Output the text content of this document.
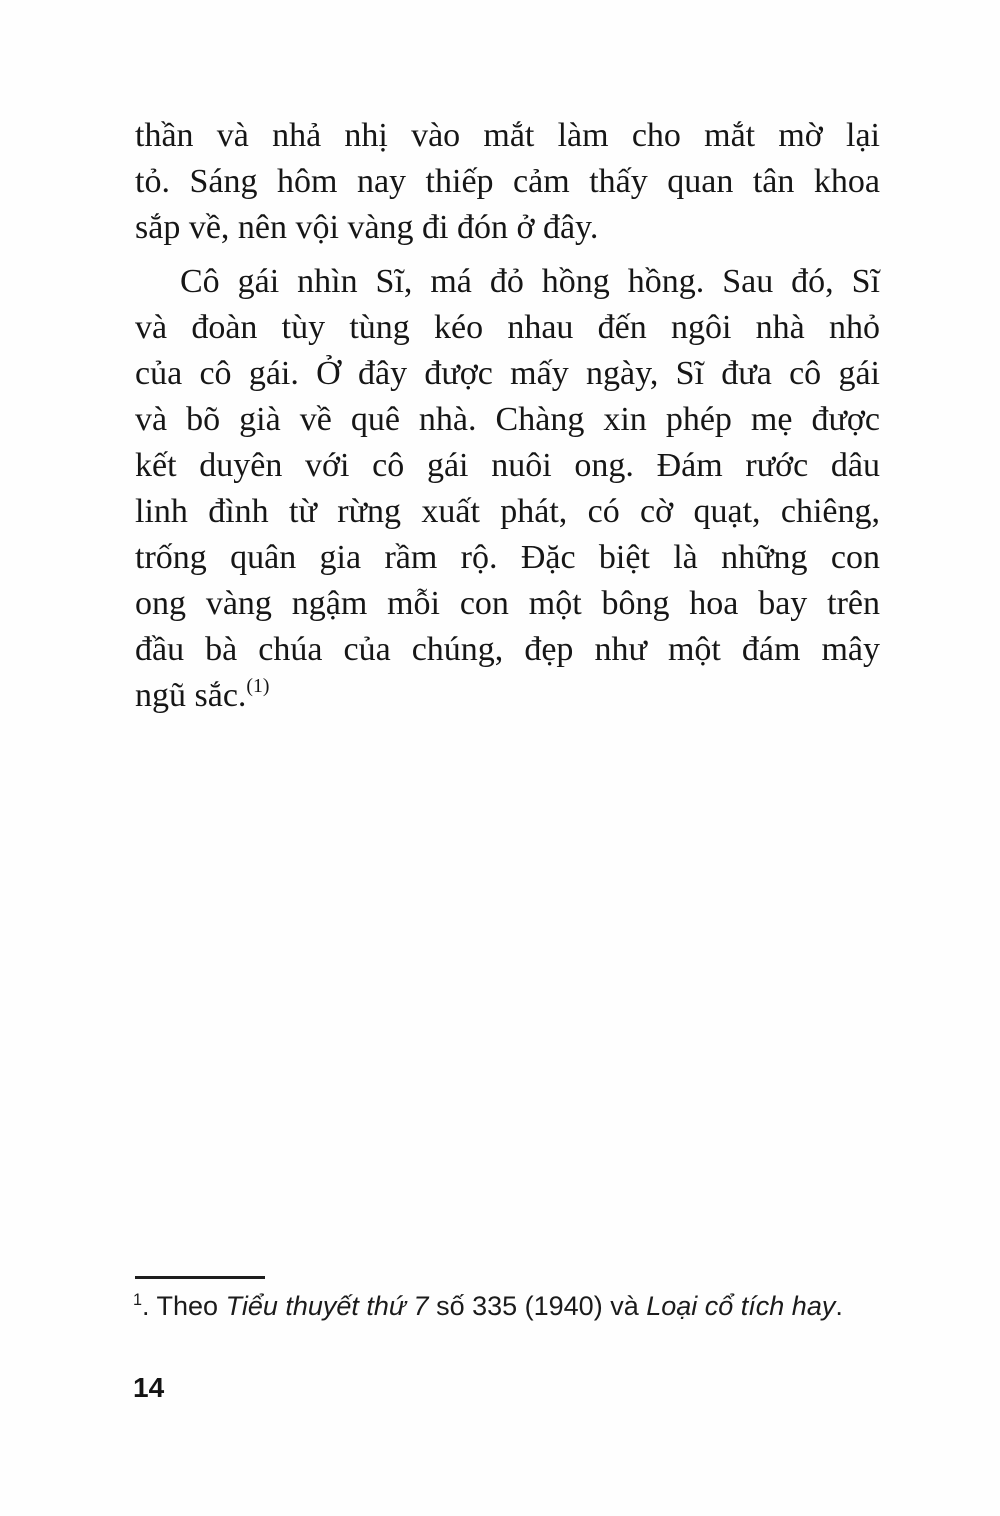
thần và nhả nhị vào mắt làm cho mắt mờ lại
tỏ. Sáng hôm nay thiếp cảm thấy quan tân khoa
sắp về, nên vội vàng đi đón ở đây.
Cô gái nhìn Sĩ, má đỏ hồng hồng. Sau đó, Sĩ
và đoàn tùy tùng kéo nhau đến ngôi nhà nhỏ
của cô gái. Ở đây được mấy ngày, Sĩ đưa cô gái
và bõ già về quê nhà. Chàng xin phép mẹ được
kết duyên với cô gái nuôi ong. Đám rước dâu
linh đình từ rừng xuất phát, có cờ quạt, chiêng,
trống quân gia rầm rộ. Đặc biệt là những con
ong vàng ngậm mỗi con một bông hoa bay trên
đầu bà chúa của chúng, đẹp như một đám mây
ngũ sắc.$^{(1)}$

$^1$. Theo Tiểu thuyết thứ 7 số 335 (1940) và Loại cổ tích hay.

14
